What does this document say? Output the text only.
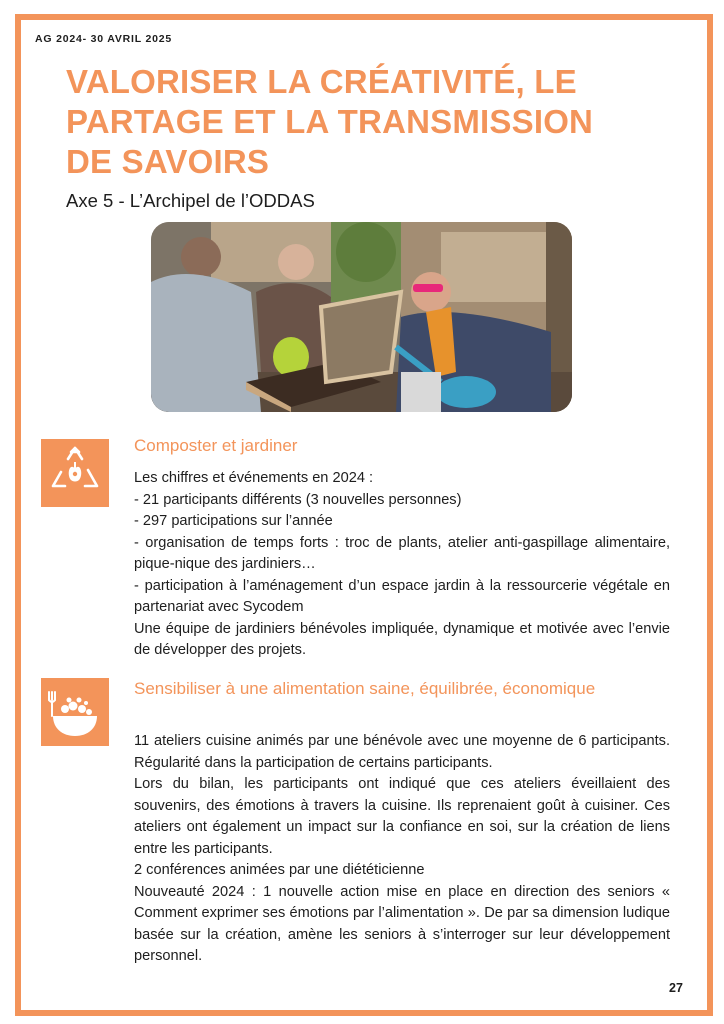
AG 2024- 30 AVRIL 2025
VALORISER LA CRÉATIVITÉ, LE
PARTAGE ET LA TRANSMISSION
DE SAVOIRS
Axe 5 - L’Archipel de l’ODDAS
Composter et jardiner

Les chiffres et événements en 2024 :

- 21 participants différents (3 nouvelles personnes)

- 297 participations sur l’année

- organisation de temps forts : troc de plants, atelier anti-gaspillage alimentaire, pique-nique des jardiniers…

- participation à l’aménagement d’un espace jardin à la ressourcerie végétale en partenariat avec Sycodem

Une équipe de jardiniers bénévoles impliquée, dynamique et motivée avec l’envie de développer des projets.

Sensibiliser à une alimentation saine, équilibrée, économique

11 ateliers cuisine animés par une bénévole avec une moyenne de 6 participants. Régularité dans la participation de certains participants.

Lors du bilan, les participants ont indiqué que ces ateliers éveillaient des souvenirs, des émotions à travers la cuisine. Ils reprenaient goût à cuisiner. Ces ateliers ont également un impact sur la confiance en soi, sur la création de liens entre les participants.

2 conférences animées par une diététicienne

Nouveauté 2024 : 1 nouvelle action mise en place en direction des seniors « Comment exprimer ses émotions par l’alimentation ». De par sa dimension ludique basée sur la création, amène les seniors à s’interroger sur leur développement personnel.

27
